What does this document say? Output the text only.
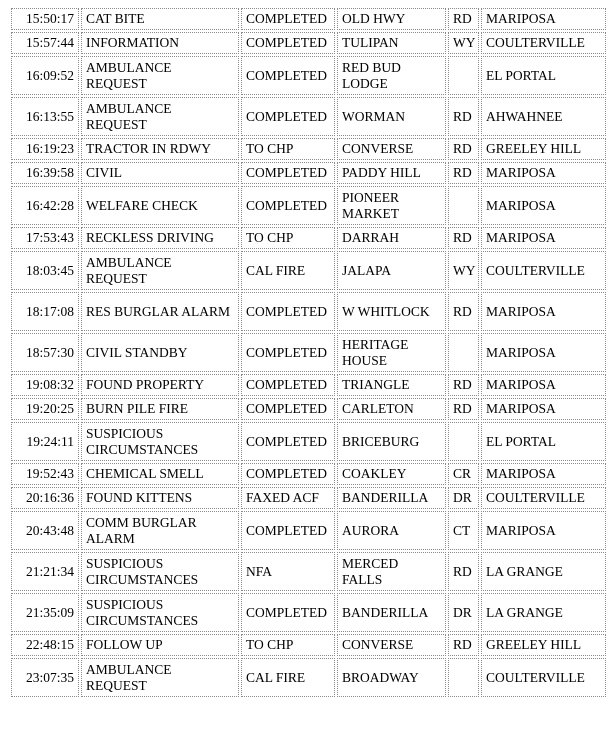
15:50:17	CAT BITE	COMPLETED	OLD HWY	RD	MARIPOSA
15:57:44	INFORMATION	COMPLETED	TULIPAN	WY	COULTERVILLE
16:09:52	AMBULANCE REQUEST	COMPLETED	RED BUD LODGE		EL PORTAL
16:13:55	AMBULANCE REQUEST	COMPLETED	WORMAN	RD	AHWAHNEE
16:19:23	TRACTOR IN RDWY	TO CHP	CONVERSE	RD	GREELEY HILL
16:39:58	CIVIL	COMPLETED	PADDY HILL	RD	MARIPOSA
16:42:28	WELFARE CHECK	COMPLETED	PIONEER MARKET		MARIPOSA
17:53:43	RECKLESS DRIVING	TO CHP	DARRAH	RD	MARIPOSA
18:03:45	AMBULANCE REQUEST	CAL FIRE	JALAPA	WY	COULTERVILLE
18:17:08	RES BURGLAR ALARM	COMPLETED	W WHITLOCK	RD	MARIPOSA
18:57:30	CIVIL STANDBY	COMPLETED	HERITAGE HOUSE		MARIPOSA
19:08:32	FOUND PROPERTY	COMPLETED	TRIANGLE	RD	MARIPOSA
19:20:25	BURN PILE FIRE	COMPLETED	CARLETON	RD	MARIPOSA
19:24:11	SUSPICIOUS CIRCUMSTANCES	COMPLETED	BRICEBURG		EL PORTAL
19:52:43	CHEMICAL SMELL	COMPLETED	COAKLEY	CR	MARIPOSA
20:16:36	FOUND KITTENS	FAXED ACF	BANDERILLA	DR	COULTERVILLE
20:43:48	COMM BURGLAR ALARM	COMPLETED	AURORA	CT	MARIPOSA
21:21:34	SUSPICIOUS CIRCUMSTANCES	NFA	MERCED FALLS	RD	LA GRANGE
21:35:09	SUSPICIOUS CIRCUMSTANCES	COMPLETED	BANDERILLA	DR	LA GRANGE
22:48:15	FOLLOW UP	TO CHP	CONVERSE	RD	GREELEY HILL
23:07:35	AMBULANCE REQUEST	CAL FIRE	BROADWAY		COULTERVILLE
